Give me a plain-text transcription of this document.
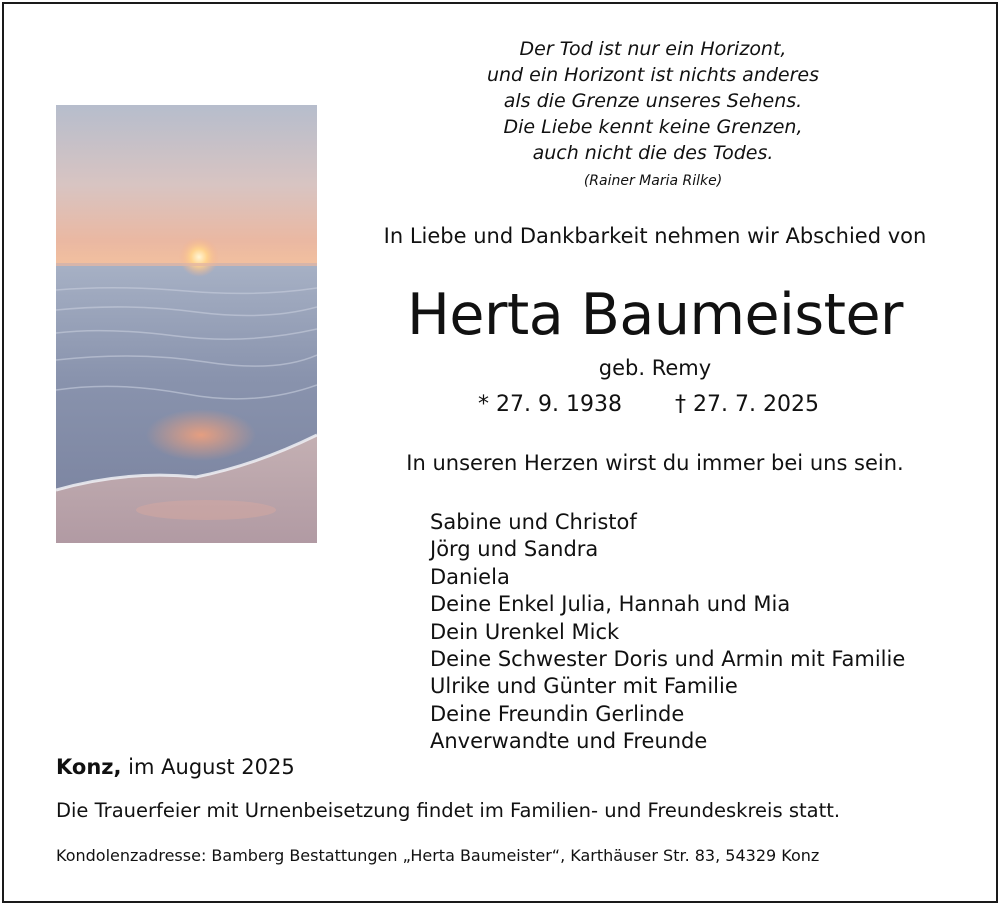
Der Tod ist nur ein Horizont,
und ein Horizont ist nichts anderes
als die Grenze unseres Sehens.
Die Liebe kennt keine Grenzen,
auch nicht die des Todes.
(Rainer Maria Rilke)
In Liebe und Dankbarkeit nehmen wir Abschied von
Herta Baumeister
geb. Remy
* 27. 9. 1938 † 27. 7. 2025
In unseren Herzen wirst du immer bei uns sein.
Sabine und Christof
Jörg und Sandra
Daniela
Deine Enkel Julia, Hannah und Mia
Dein Urenkel Mick
Deine Schwester Doris und Armin mit Familie
Ulrike und Günter mit Familie
Deine Freundin Gerlinde
Anverwandte und Freunde
Konz, im August 2025
Die Trauerfeier mit Urnenbeisetzung findet im Familien- und Freundeskreis statt.
Kondolenzadresse: Bamberg Bestattungen „Herta Baumeister“, Karthäuser Str. 83, 54329 Konz
